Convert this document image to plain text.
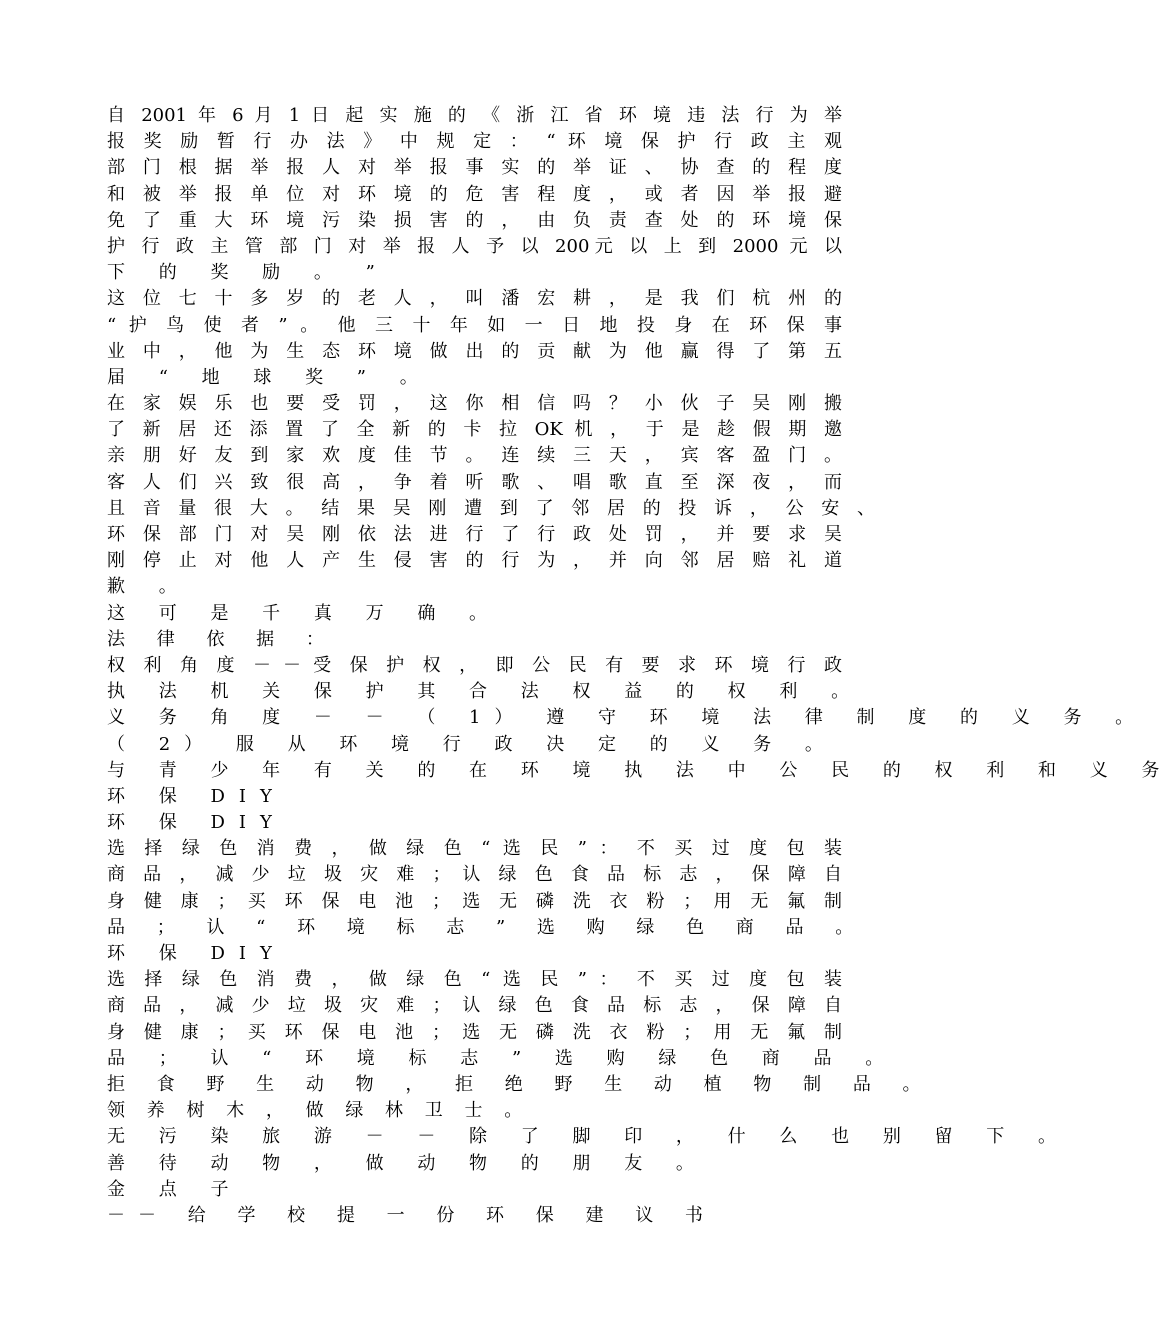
自 2001 年 6 月 1 日 起 实 施 的 《 浙 江 省 环 境 违 法 行 为 举
报 奖 励 暂 行 办 法 》 中 规 定 ： “ 环 境 保 护 行 政 主 观
部 门 根 据 举 报 人 对 举 报 事 实 的 举 证 、 协 查 的 程 度
和 被 举 报 单 位 对 环 境 的 危 害 程 度 ， 或 者 因 举 报 避
免 了 重 大 环 境 污 染 损 害 的 ， 由 负 责 查 处 的 环 境 保
护 行 政 主 管 部 门 对 举 报 人 予 以 200元 以 上 到 2000 元 以
下 的 奖 励 。 ”
这 位 七 十 多 岁 的 老 人 ， 叫 潘 宏 耕 ， 是 我 们 杭 州 的
“ 护 鸟 使 者 ” 。 他 三 十 年 如 一 日 地 投 身 在 环 保 事
业 中 ， 他 为 生 态 环 境 做 出 的 贡 献 为 他 赢 得 了 第 五
届 “ 地 球 奖 ” 。
在 家 娱 乐 也 要 受 罚 ， 这 你 相 信 吗 ？ 小 伙 子 吴 刚 搬
了 新 居 还 添 置 了 全 新 的 卡 拉 OK 机 ， 于 是 趁 假 期 邀
亲 朋 好 友 到 家 欢 度 佳 节 。 连 续 三 天 ， 宾 客 盈 门 。
客 人 们 兴 致 很 高 ， 争 着 听 歌 、 唱 歌 直 至 深 夜 ， 而
且 音 量 很 大 。 结 果 吴 刚 遭 到 了 邻 居 的 投 诉 ， 公 安 、
环 保 部 门 对 吴 刚 依 法 进 行 了 行 政 处 罚 ， 并 要 求 吴
刚 停 止 对 他 人 产 生 侵 害 的 行 为 ， 并 向 邻 居 赔 礼 道
歉 。
这 可 是 千 真 万 确 。
法 律 依 据 ：
权 利 角 度 － － 受 保 护 权 ， 即 公 民 有 要 求 环 境 行 政
执 法 机 关 保 护 其 合 法 权 益 的 权 利 。
义 务 角 度 － － （ 1） 遵 守 环 境 法 律 制 度 的 义 务 。
（ 2） 服 从 环 境 行 政 决 定 的 义 务 。
与 青 少 年 有 关 的 在 环 境 执 法 中 公 民 的 权 利 和 义 务
环 保 DIY
环 保 DIY
选 择 绿 色 消 费 ， 做 绿 色 “ 选 民 ” ： 不 买 过 度 包 装
商 品 ， 减 少 垃 圾 灾 难 ； 认 绿 色 食 品 标 志 ， 保 障 自
身 健 康 ； 买 环 保 电 池 ； 选 无 磷 洗 衣 粉 ； 用 无 氟 制
品 ； 认 “ 环 境 标 志 ” 选 购 绿 色 商 品 。
环 保 DIY
选 择 绿 色 消 费 ， 做 绿 色 “ 选 民 ” ： 不 买 过 度 包 装
商 品 ， 减 少 垃 圾 灾 难 ； 认 绿 色 食 品 标 志 ， 保 障 自
身 健 康 ； 买 环 保 电 池 ； 选 无 磷 洗 衣 粉 ； 用 无 氟 制
品 ； 认 “ 环 境 标 志 ” 选 购 绿 色 商 品 。
拒 食 野 生 动 物 ， 拒 绝 野 生 动 植 物 制 品 。
领 养 树 木 ， 做 绿 林 卫 士 。
无 污 染 旅 游 － － 除 了 脚 印 ， 什 么 也 别 留 下 。
善 待 动 物 ， 做 动 物 的 朋 友 。
金 点 子
－－ 给 学 校 提 一 份 环 保 建 议 书
